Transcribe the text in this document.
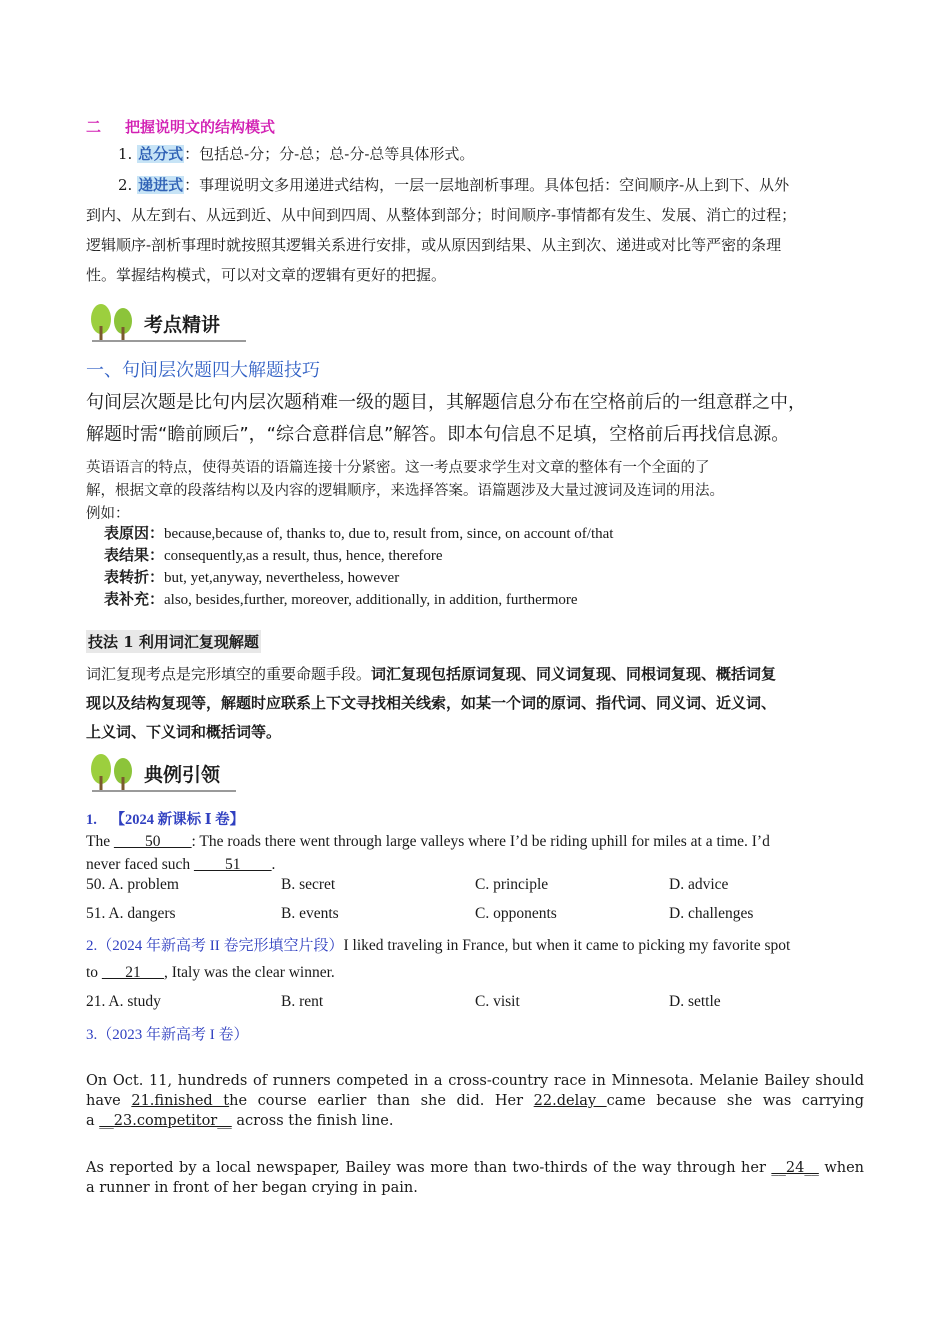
二 把握说明文的结构模式
1. 总分式：包括总-分；分-总；总-分-总等具体形式。
2. 递进式：事理说明文多用递进式结构，一层一层地剖析事理。具体包括：空间顺序-从上到下、从外
到内、从左到右、从远到近、从中间到四周、从整体到部分；时间顺序-事情都有发生、发展、消亡的过程；
逻辑顺序-剖析事理时就按照其逻辑关系进行安排，或从原因到结果、从主到次、递进或对比等严密的条理
性。掌握结构模式，可以对文章的逻辑有更好的把握。
考点精讲
一、句间层次题四大解题技巧
句间层次题是比句内层次题稍难一级的题目，其解题信息分布在空格前后的一组意群之中，
解题时需“瞻前顾后”，“综合意群信息”解答。即本句信息不足填，空格前后再找信息源。
英语语言的特点，使得英语的语篇连接十分紧密。这一考点要求学生对文章的整体有一个全面的了
解，根据文章的段落结构以及内容的逻辑顺序，来选择答案。语篇题涉及大量过渡词及连词的用法。
例如：
表原因：because,because of, thanks to, due to, result from, since, on account of/that
表结果：consequently,as a result, thus, hence, therefore
表转折：but, yet,anyway, nevertheless, however
表补充：also, besides,further, moreover, additionally, in addition, furthermore
技法 1 利用词汇复现解题
词汇复现考点是完形填空的重要命题手段。词汇复现包括原词复现、同义词复现、同根词复现、概括词复
现以及结构复现等，解题时应联系上下文寻找相关线索，如某一个词的原词、指代词、同义词、近义词、
上义词、下义词和概括词等。
典例引领
1. 【2024 新课标 Ⅰ 卷】
The ____50____: The roads there went through large valleys where I’d be riding uphill for miles at a time. I’d
never faced such ____51____.
50. A. problem	B. secret	C. principle	D. advice
51. A. dangers	B. events	C. opponents	D. challenges
2.（2024 年新高考 II 卷完形填空片段）I liked traveling in France, but when it came to picking my favorite spot
to ___21___, Italy was the clear winner.
21. A. study	B. rent	C. visit	D. settle
3.（2023 年新高考 I 卷）
On Oct. 11, hundreds of runners competed in a cross-country race in Minnesota. Melanie Bailey should
have 21.finished the course earlier than she did. Her 22.delay came because she was carrying
a __23.competitor__ across the finish line.
As reported by a local newspaper, Bailey was more than two-thirds of the way through her __24__ when
a runner in front of her began crying in pain.
